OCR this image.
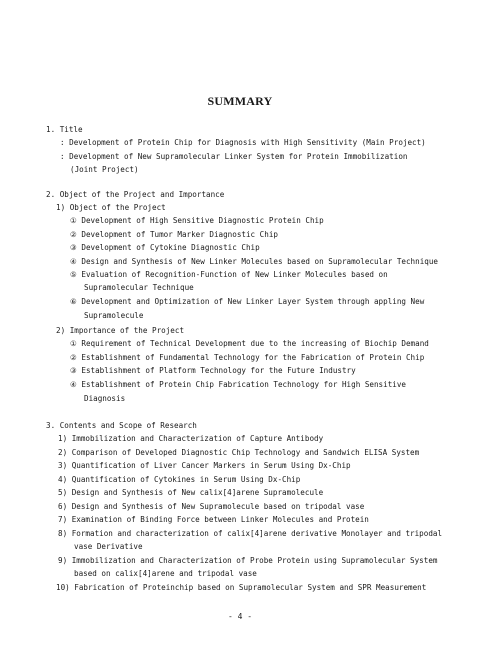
SUMMARY
1. Title
: Development of Protein Chip for Diagnosis with High Sensitivity (Main Project)
: Development of New Supramolecular Linker System for Protein Immobilization
(Joint Project)
2. Object of the Project and Importance
1) Object of the Project
① Development of High Sensitive Diagnostic Protein Chip
② Development of Tumor Marker Diagnostic Chip
③ Development of Cytokine Diagnostic Chip
④ Design and Synthesis of New Linker Molecules based on Supramolecular Technique
⑤ Evaluation of Recognition-Function of New Linker Molecules based on
Supramolecular Technique
⑥ Development and Optimization of New Linker Layer System through appling New
Supramolecule
2) Importance of the Project
① Requirement of Technical Development due to the increasing of Biochip Demand
② Establishment of Fundamental Technology for the Fabrication of Protein Chip
③ Establishment of Platform Technology for the Future Industry
④ Establishment of Protein Chip Fabrication Technology for High Sensitive
Diagnosis
3. Contents and Scope of Research
1) Immobilization and Characterization of Capture Antibody
2) Comparison of Developed Diagnostic Chip Technology and Sandwich ELISA System
3) Quantification of Liver Cancer Markers in Serum Using Dx-Chip
4) Quantification of Cytokines in Serum Using Dx-Chip
5) Design and Synthesis of New calix[4]arene Supramolecule
6) Design and Synthesis of New Supramolecule based on tripodal vase
7) Examination of Binding Force between Linker Molecules and Protein
8) Formation and characterization of calix[4]arene derivative Monolayer and tripodal
vase Derivative
9) Immobilization and Characterization of Probe Protein using Supramolecular System
based on calix[4]arene and tripodal vase
10) Fabrication of Proteinchip based on Supramolecular System and SPR Measurement
- 4 -
